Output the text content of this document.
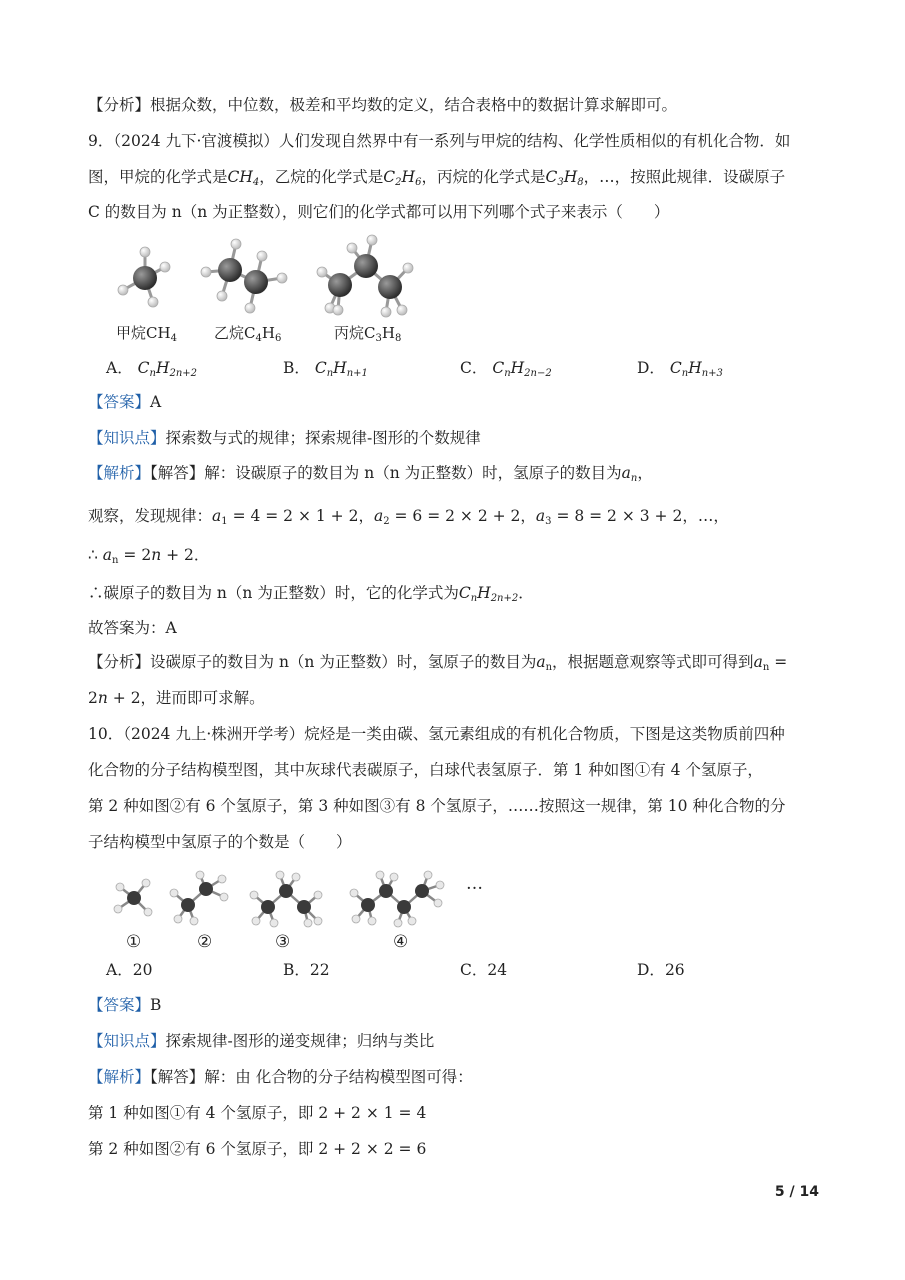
【分析】根据众数，中位数，极差和平均数的定义，结合表格中的数据计算求解即可。
9．（2024 九下·官渡模拟）人们发现自然界中有一系列与甲烷的结构、化学性质相似的有机化合物．如
图，甲烷的化学式是$CH_4$，乙烷的化学式是$C_2H_6$，丙烷的化学式是$C_3H_8$，…，按照此规律．设碳原子
C 的数目为 n（n 为正整数），则它们的化学式都可以用下列哪个式子来表示（　　）
甲烷$CH_4$ 乙烷$C_4H_6$	丙烷$C_3H_8$
A． $C_nH_{2n+2}$	B． $C_nH_{n+1}$	C． $C_nH_{2n-2}$	D． $C_nH_{n+3}$
【答案】A
【知识点】探索数与式的规律；探索规律-图形的个数规律
【解析】【解答】解：设碳原子的数目为 n（n 为正整数）时，氢原子的数目为$a_n$，
观察，发现规律：$a_1 = 4 = 2 \times 1 + 2$，$a_2 = 6 = 2 \times 2 + 2$，$a_3 = 8 = 2 \times 3 + 2$，…，
∴ $a_n = 2n + 2$．
∴碳原子的数目为 n（n 为正整数）时，它的化学式为$C_nH_{2n+2}$．
故答案为：A
【分析】设碳原子的数目为 n（n 为正整数）时，氢原子的数目为$a_n$，根据题意观察等式即可得到$a_n$ =
2n + 2，进而即可求解。
10．（2024 九上·株洲开学考）烷烃是一类由碳、氢元素组成的有机化合物质，下图是这类物质前四种
化合物的分子结构模型图，其中灰球代表碳原子，白球代表氢原子．第 1 种如图①有 4 个氢原子，
第 2 种如图②有 6 个氢原子，第 3 种如图③有 8 个氢原子，……按照这一规律，第 10 种化合物的分
子结构模型中氢原子的个数是（　　）
…
①	②	③	④
A．20	B．22	C．24	D．26
【答案】B
【知识点】探索规律-图形的递变规律；归纳与类比
【解析】【解答】解：由 化合物的分子结构模型图可得：
第 1 种如图①有 4 个氢原子，即 2 + 2 × 1 = 4
第 2 种如图②有 6 个氢原子，即 2 + 2 × 2 = 6
5 / 14
